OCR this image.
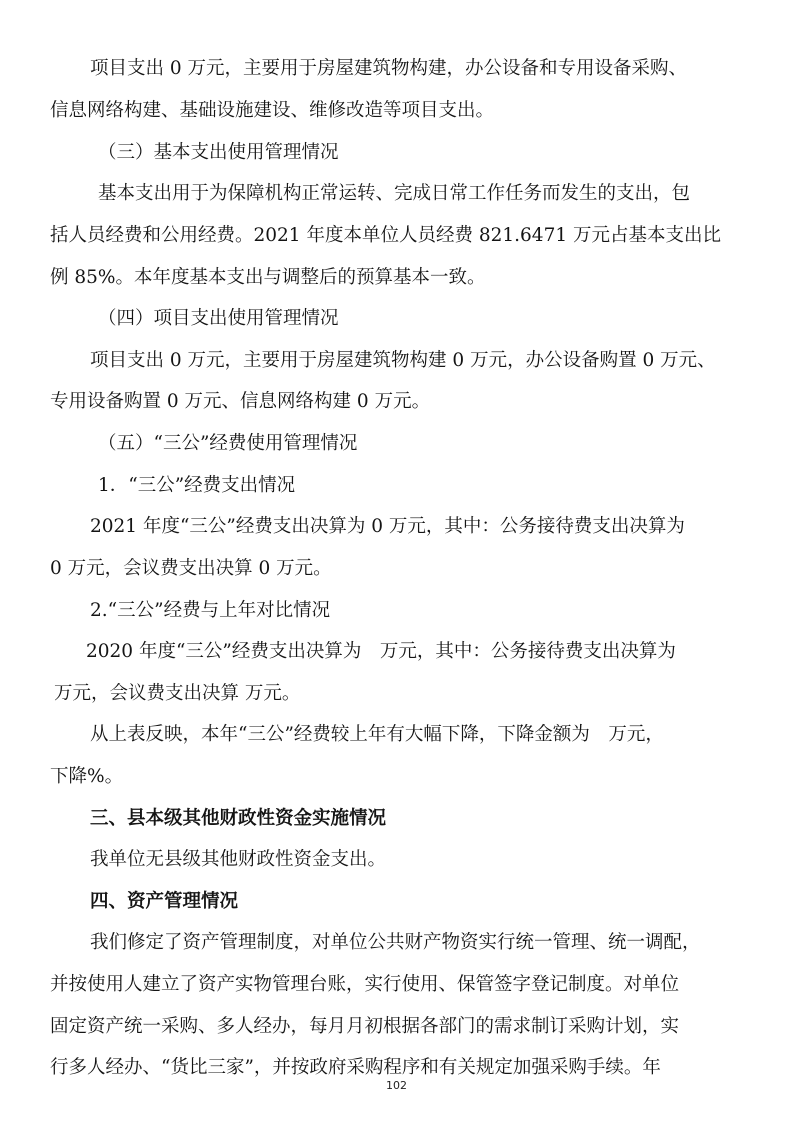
项目支出 0 万元，主要用于房屋建筑物构建，办公设备和专用设备采购、
信息网络构建、基础设施建设、维修改造等项目支出。
（三）基本支出使用管理情况
基本支出用于为保障机构正常运转、完成日常工作任务而发生的支出，包
括人员经费和公用经费。2021 年度本单位人员经费 821.6471 万元占基本支出比
例 85%。本年度基本支出与调整后的预算基本一致。
（四）项目支出使用管理情况
项目支出 0 万元，主要用于房屋建筑物构建 0 万元，办公设备购置 0 万元、
专用设备购置 0 万元、信息网络构建 0 万元。
（五）“三公”经费使用管理情况
1．“三公”经费支出情况
2021 年度“三公”经费支出决算为 0 万元，其中：公务接待费支出决算为
0 万元，会议费支出决算 0 万元。
2.“三公”经费与上年对比情况
2020 年度“三公”经费支出决算为　万元，其中：公务接待费支出决算为
万元，会议费支出决算 万元。
从上表反映，本年“三公”经费较上年有大幅下降，下降金额为　万元，
下降%。
三、县本级其他财政性资金实施情况
我单位无县级其他财政性资金支出。
四、资产管理情况
我们修定了资产管理制度，对单位公共财产物资实行统一管理、统一调配，
并按使用人建立了资产实物管理台账，实行使用、保管签字登记制度。对单位
固定资产统一采购、多人经办，每月月初根据各部门的需求制订采购计划，实
行多人经办、“货比三家”，并按政府采购程序和有关规定加强采购手续。年
102
